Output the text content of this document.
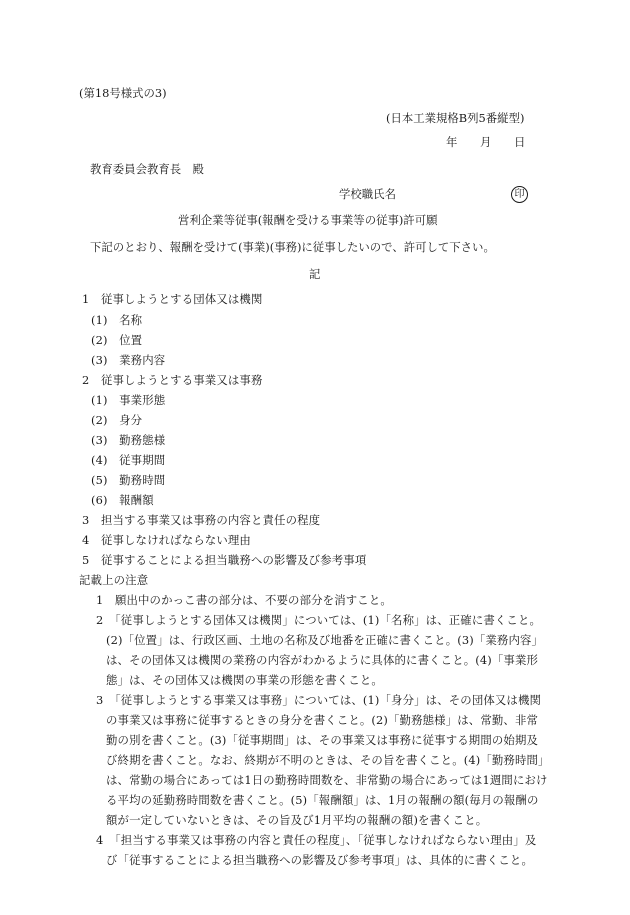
(第18号様式の3)
(日本工業規格B列5番縦型)
年 月 日
教育委員会教育長　殿
学校職氏名	印
営利企業等従事(報酬を受ける事業等の従事)許可願
下記のとおり、報酬を受けて(事業)(事務)に従事したいので、許可して下さい。
記
1　従事しようとする団体又は機関
(1)　名称
(2)　位置
(3)　業務内容
2　従事しようとする事業又は事務
(1)　事業形態
(2)　身分
(3)　勤務態様
(4)　従事期間
(5)　勤務時間
(6)　報酬額
3　担当する事業又は事務の内容と責任の程度
4　従事しなければならない理由
5　従事することによる担当職務への影響及び参考事項
記載上の注意
1　願出中のかっこ書の部分は、不要の部分を消すこと。
2　「従事しようとする団体又は機関」については、(1)「名称」は、正確に書くこと。
(2)「位置」は、行政区画、土地の名称及び地番を正確に書くこと。(3)「業務内容」
は、その団体又は機関の業務の内容がわかるように具体的に書くこと。(4)「事業形
態」は、その団体又は機関の事業の形態を書くこと。
3　「従事しようとする事業又は事務」については、(1)「身分」は、その団体又は機関
の事業又は事務に従事するときの身分を書くこと。(2)「勤務態様」は、常勤、非常
勤の別を書くこと。(3)「従事期間」は、その事業又は事務に従事する期間の始期及
び終期を書くこと。なお、終期が不明のときは、その旨を書くこと。(4)「勤務時間」
は、常勤の場合にあっては1日の勤務時間数を、非常勤の場合にあっては1週間におけ
る平均の延勤務時間数を書くこと。(5)「報酬額」は、1月の報酬の額(毎月の報酬の
額が一定していないときは、その旨及び1月平均の報酬の額)を書くこと。
4　「担当する事業又は事務の内容と責任の程度」、「従事しなければならない理由」及
び「従事することによる担当職務への影響及び参考事項」は、具体的に書くこと。
